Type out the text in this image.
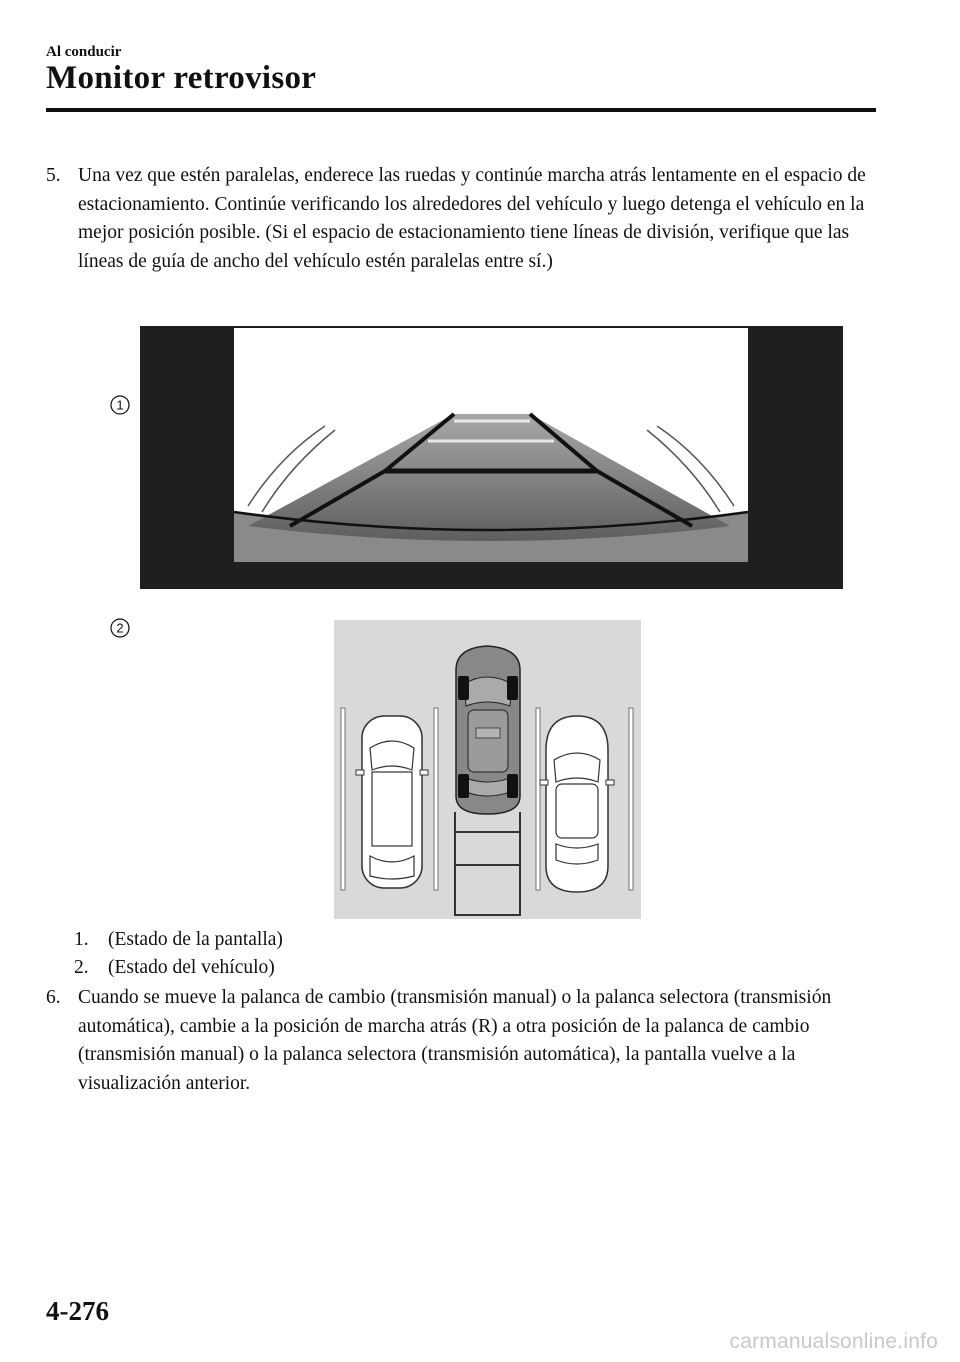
Al conducir
Monitor retrovisor
5. Una vez que estén paralelas, enderece las ruedas y continúe marcha atrás lentamente en el espacio de estacionamiento. Continúe verificando los alrededores del vehículo y luego detenga el vehículo en la mejor posición posible. (Si el espacio de estacionamiento tiene líneas de división, verifique que las líneas de guía de ancho del vehículo estén paralelas entre sí.)
1
2
1. (Estado de la pantalla)
2. (Estado del vehículo)
6. Cuando se mueve la palanca de cambio (transmisión manual) o la palanca selectora (transmisión automática), cambie a la posición de marcha atrás (R) a otra posición de la palanca de cambio (transmisión manual) o la palanca selectora (transmisión automática), la pantalla vuelve a la visualización anterior.
4-276
carmanualsonline.info
